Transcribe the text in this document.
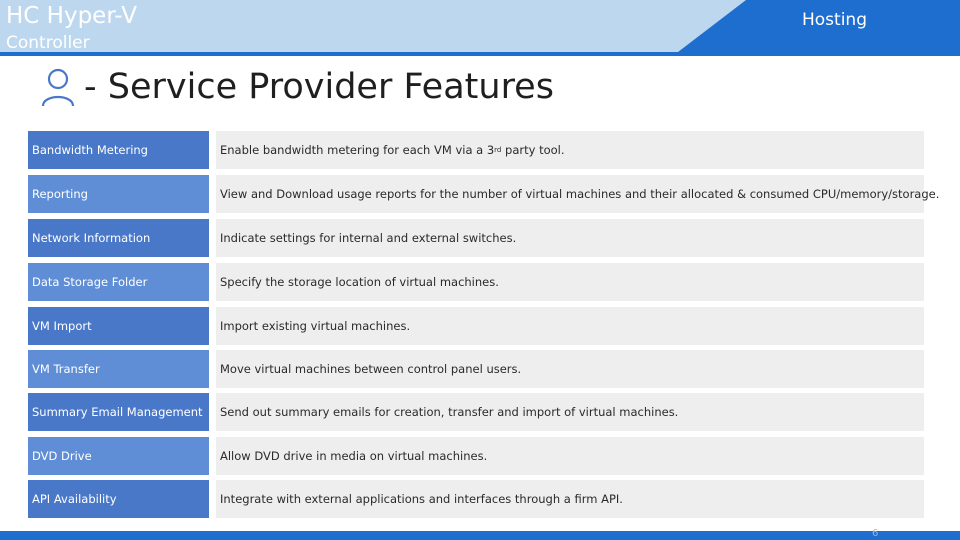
HC Hyper-V
Controller
Hosting
- Service Provider Features
Bandwidth Metering	Enable bandwidth metering for each VM via a 3 rd party tool.
Reporting	View and Download usage reports for the number of virtual machines and their allocated & consumed CPU/memory/storage.
Network Information	Indicate settings for internal and external switches.
Data Storage Folder	Specify the storage location of virtual machines.
VM Import	Import existing virtual machines.
VM Transfer	Move virtual machines between control panel users.
Summary Email Management	Send out summary emails for creation, transfer and import of virtual machines.
DVD Drive	Allow DVD drive in media on virtual machines.
API Availability	Integrate with external applications and interfaces through a firm API.
6
